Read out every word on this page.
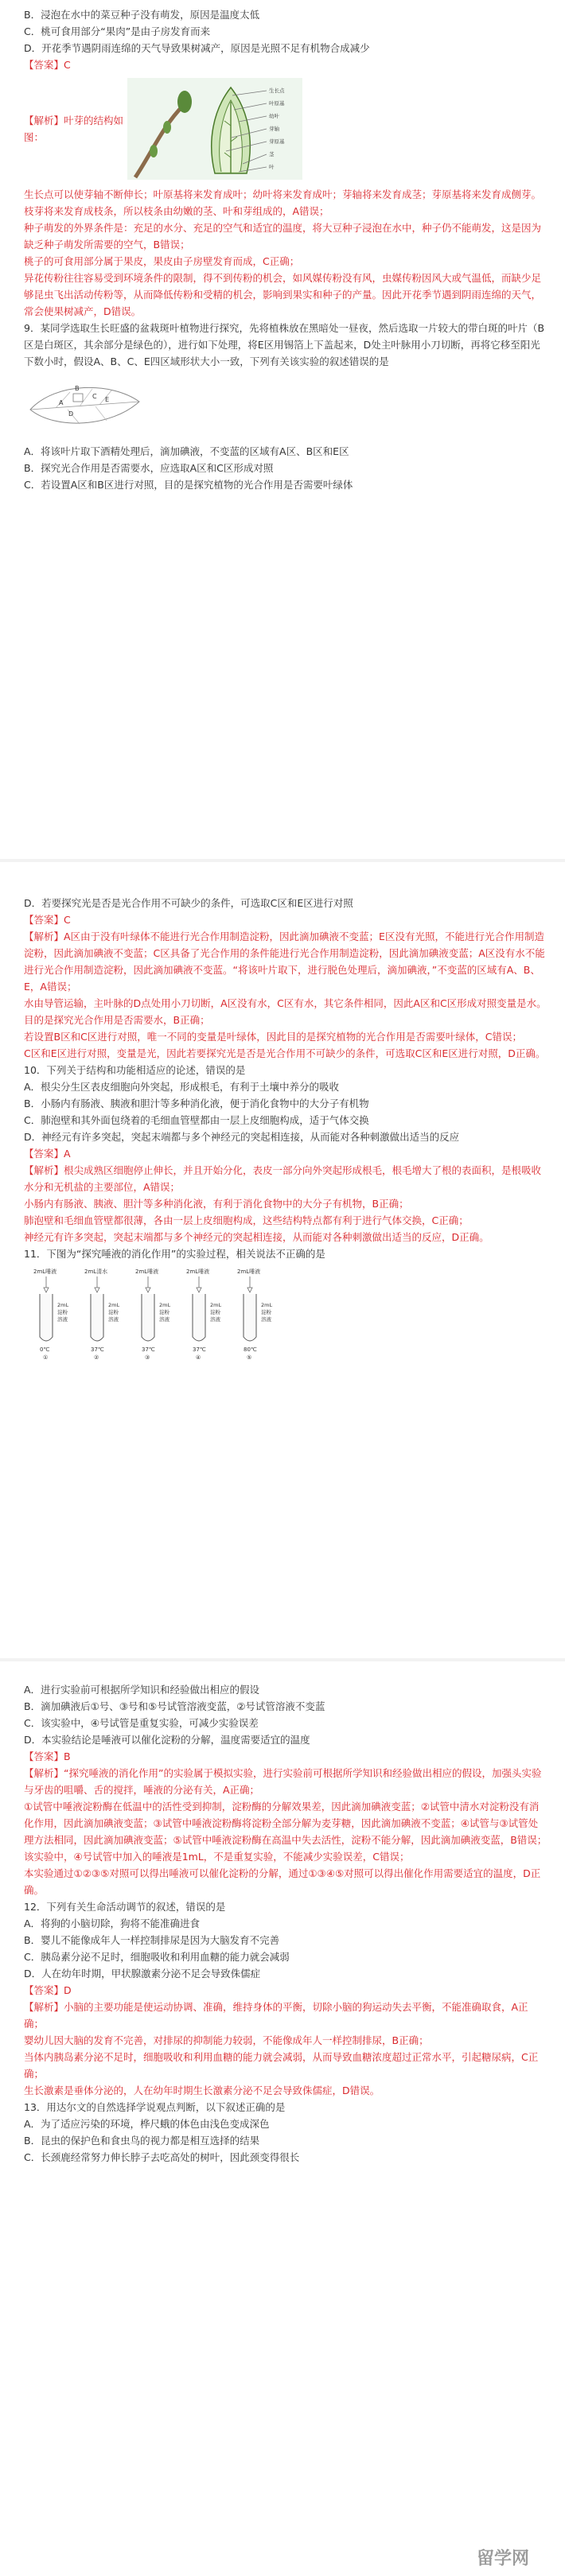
B．浸泡在水中的菜豆种子没有萌发，原因是温度太低
C．桃可食用部分“果肉”是由子房发育而来
D．开花季节遇阴雨连绵的天气导致果树减产，原因是光照不足有机物合成减少
【答案】C
【解析】叶芽的结构如图：
生长点
叶原基
幼叶
芽轴
芽原基
茎
叶
生长点可以使芽轴不断伸长；叶原基将来发育成叶；幼叶将来发育成叶；芽轴将来发育成茎；芽原基将来发育成侧芽。枝芽将来发育成枝条，所以枝条由幼嫩的茎、叶和芽组成的，A错误；
种子萌发的外界条件是：充足的水分、充足的空气和适宜的温度，将大豆种子浸泡在水中，种子仍不能萌发，这是因为缺乏种子萌发所需要的空气，B错误；
桃子的可食用部分属于果皮，果皮由子房壁发育而成，C正确；
异花传粉往往容易受到环境条件的限制，得不到传粉的机会，如风媒传粉没有风，虫媒传粉因风大或气温低，而缺少足够昆虫飞出活动传粉等，从而降低传粉和受精的机会，影响到果实和种子的产量。因此开花季节遇到阴雨连绵的天气，常会使果树减产，D错误。
9．某同学选取生长旺盛的盆栽斑叶植物进行探究，先将植株放在黑暗处一昼夜，然后选取一片较大的带白斑的叶片（B区是白斑区，其余部分是绿色的），进行如下处理，将E区用锡箔上下盖起来，D处主叶脉用小刀切断，再将它移至阳光下数小时，假设A、B、C、E四区域形状大小一致，下列有关该实验的叙述错误的是
A
B
C
D
E
A．将该叶片取下酒精处理后，滴加碘液，不变蓝的区域有A区、B区和E区
B．探究光合作用是否需要水，应选取A区和C区形成对照
C．若设置A区和B区进行对照，目的是探究植物的光合作用是否需要叶绿体
D．若要探究光是否是光合作用不可缺少的条件，可选取C区和E区进行对照
【答案】C
【解析】A区由于没有叶绿体不能进行光合作用制造淀粉，因此滴加碘液不变蓝；E区没有光照，不能进行光合作用制造淀粉，因此滴加碘液不变蓝；C区具备了光合作用的条件能进行光合作用制造淀粉，因此滴加碘液变蓝；A区没有水不能进行光合作用制造淀粉，因此滴加碘液不变蓝。“将该叶片取下，进行脱色处理后，滴加碘液，”不变蓝的区域有A、B、E，A错误；
水由导管运输，主叶脉的D点处用小刀切断，A区没有水，C区有水，其它条件相同，因此A区和C区形成对照变量是水。目的是探究光合作用是否需要水，B正确；
若设置B区和C区进行对照，唯一不同的变量是叶绿体，因此目的是探究植物的光合作用是否需要叶绿体，C错误；
C区和E区进行对照，变量是光，因此若要探究光是否是光合作用不可缺少的条件，可选取C区和E区进行对照，D正确。
10．下列关于结构和功能相适应的论述，错误的是
A．根尖分生区表皮细胞向外突起，形成根毛，有利于土壤中养分的吸收
B．小肠内有肠液、胰液和胆汁等多种消化液，便于消化食物中的大分子有机物
C．肺泡壁和其外面包绕着的毛细血管壁都由一层上皮细胞构成，适于气体交换
D．神经元有许多突起，突起末端都与多个神经元的突起相连接，从而能对各种刺激做出适当的反应
【答案】A
【解析】根尖成熟区细胞停止伸长，并且开始分化，表皮一部分向外突起形成根毛，根毛增大了根的表面积，是根吸收水分和无机盐的主要部位，A错误；
小肠内有肠液、胰液、胆汁等多种消化液，有利于消化食物中的大分子有机物，B正确；
肺泡壁和毛细血管壁都很薄，各由一层上皮细胞构成，这些结构特点都有利于进行气体交换，C正确；
神经元有许多突起，突起末端都与多个神经元的突起相连接，从而能对各种刺激做出适当的反应，D正确。
11．下图为“探究唾液的消化作用”的实验过程，相关说法不正确的是
2mL唾液
2mL
淀粉
溶液
0℃
①
2mL清水
2mL
淀粉
溶液
37℃
②
2mL唾液
2mL
淀粉
溶液
37℃
③
2mL唾液
2mL
淀粉
溶液
37℃
④
2mL唾液
2mL
淀粉
溶液
80℃
⑤
A．进行实验前可根据所学知识和经验做出相应的假设
B．滴加碘液后①号、③号和⑤号试管溶液变蓝，②号试管溶液不变蓝
C．该实验中，④号试管是重复实验，可减少实验误差
D．本实验结论是唾液可以催化淀粉的分解，温度需要适宜的温度
【答案】B
【解析】“探究唾液的消化作用”的实验属于模拟实验，进行实验前可根据所学知识和经验做出相应的假设，加强头实验与牙齿的咀嚼、舌的搅拌，唾液的分泌有关，A正确；
①试管中唾液淀粉酶在低温中的活性受到抑制，淀粉酶的分解效果差，因此滴加碘液变蓝；②试管中清水对淀粉没有消化作用，因此滴加碘液变蓝；③试管中唾液淀粉酶将淀粉全部分解为麦芽糖，因此滴加碘液不变蓝；④试管与③试管处理方法相同，因此滴加碘液变蓝；⑤试管中唾液淀粉酶在高温中失去活性，淀粉不能分解，因此滴加碘液变蓝，B错误；
该实验中，④号试管中加入的唾液是1mL，不是重复实验，不能减少实验误差，C错误；
本实验通过①②③⑤对照可以得出唾液可以催化淀粉的分解，通过①③④⑤对照可以得出催化作用需要适宜的温度，D正确。
12．下列有关生命活动调节的叙述，错误的是
A．将狗的小脑切除，狗将不能准确进食
B．婴儿不能像成年人一样控制排尿是因为大脑发育不完善
C．胰岛素分泌不足时，细胞吸收和利用血糖的能力就会减弱
D．人在幼年时期，甲状腺激素分泌不足会导致侏儒症
【答案】D
【解析】小脑的主要功能是使运动协调、准确，维持身体的平衡，切除小脑的狗运动失去平衡，不能准确取食，A正确；
婴幼儿因大脑的发育不完善，对排尿的抑制能力较弱，不能像成年人一样控制排尿，B正确；
当体内胰岛素分泌不足时，细胞吸收和利用血糖的能力就会减弱，从而导致血糖浓度超过正常水平，引起糖尿病，C正确；
生长激素是垂体分泌的，人在幼年时期生长激素分泌不足会导致侏儒症，D错误。
13．用达尔文的自然选择学说观点判断，以下叙述正确的是
A．为了适应污染的环境，桦尺蛾的体色由浅色变成深色
B．昆虫的保护色和食虫鸟的视力都是相互选择的结果
C．长颈鹿经常努力伸长脖子去吃高处的树叶，因此颈变得很长
留学网
